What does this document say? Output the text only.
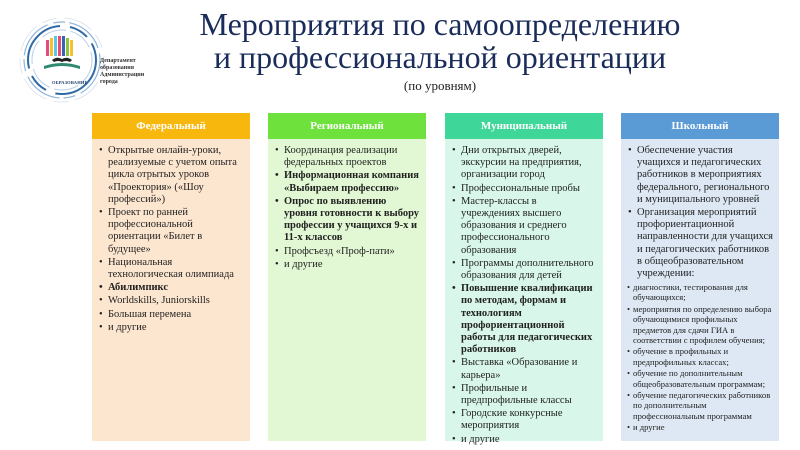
ОБРАЗОВАНИЕ
Департамент
образования
Администрации
города
Мероприятия по самоопределению
и профессиональной ориентации
(по уровням)
Федеральный
• Открытые онлайн-уроки, реализуемые с учетом опыта цикла отрытых уроков «Проектория» («Шоу профессий»)
• Проект по ранней профессиональной ориентации «Билет в будущее»
• Национальная технологическая олимпиада
• Абилимпикс
• Worldskills, Juniorskills
• Большая перемена
• и другие
Региональный
• Координация реализации федеральных проектов
• Информационная компания «Выбираем профессию»
• Опрос по выявлению уровня готовности к выбору профессии у учащихся 9-х и 11-х классов
• Профсъезд «Проф-пати»
• и другие
Муниципальный
• Дни открытых дверей, экскурсии на предприятия, организации город
• Профессиональные пробы
• Мастер-классы в учреждениях высшего образования и среднего профессионального образования
• Программы дополнительного образования для детей
• Повышение квалификации по методам, формам и технологиям профориентационной работы для педагогических работников
• Выставка «Образование и карьера»
• Профильные и предпрофильные классы
• Городские конкурсные мероприятия
• и другие
Школьный
• Обеспечение участия учащихся и педагогических работников в мероприятиях федерального, регионального и муниципального уровней
• Организация мероприятий профориентационной направленности для учащихся и педагогических работников в общеобразовательном учреждении:
• диагностики, тестирования для обучающихся;
• мероприятия по определению выбора обучающимися профильных предметов для сдачи ГИА в соответствии с профилем обучения;
• обучение в профильных и предпрофильных классах;
• обучение по дополнительным общеобразовательным программам;
• обучение педагогических работников по дополнительным профессиональным программам
• и другие
